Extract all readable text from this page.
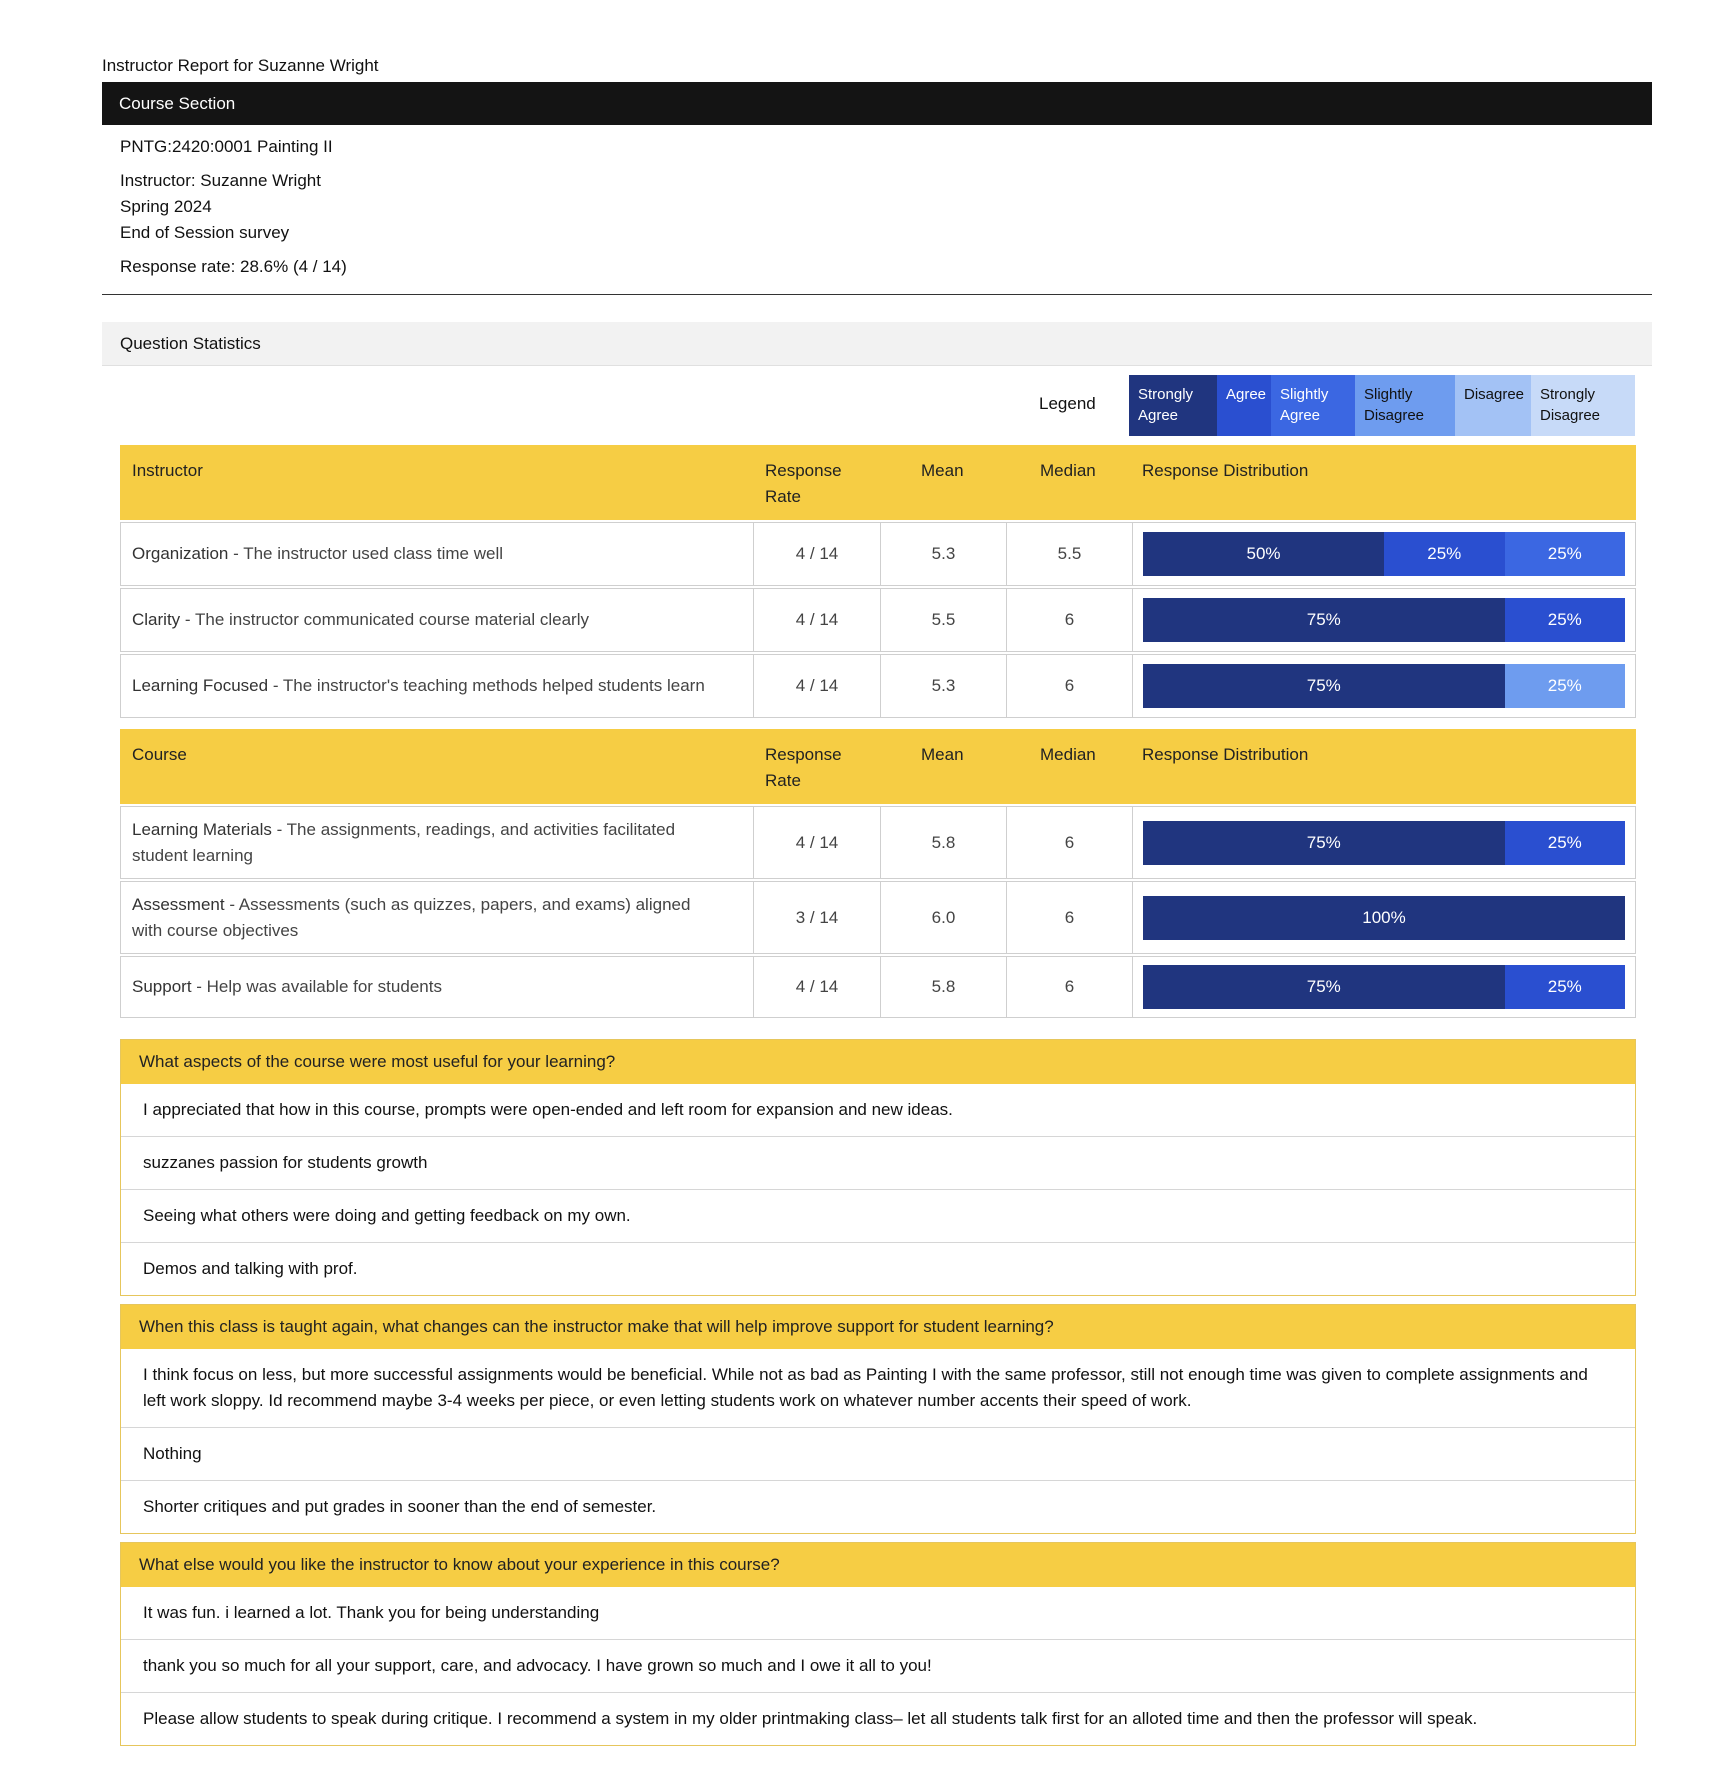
Instructor Report for Suzanne Wright
Course Section
PNTG:2420:0001 Painting II
Instructor: Suzanne Wright
Spring 2024
End of Session survey
Response rate: 28.6% (4 / 14)
Question Statistics
Legend	Strongly
Agree
Agree Slightly
Agree
Slightly
Disagree
Disagree	Strongly
Disagree
Instructor	Response
Rate
Mean	Median	Response Distribution
Organization - The instructor used class time well	4 / 14	5.3	5.5	50%	25%	25%
Clarity - The instructor communicated course material clearly	4 / 14	5.5	6	75%	25%
Learning Focused - The instructor's teaching methods helped students learn	4 / 14	5.3	6	75%	25%
Course	Response
Rate
Mean	Median	Response Distribution
Learning Materials - The assignments, readings, and activities facilitated student learning
4 / 14	5.8	6	75%	25%
Assessment - Assessments (such as quizzes, papers, and exams) aligned with course objectives
3 / 14	6.0	6	100%
Support - Help was available for students	4 / 14	5.8	6	75%	25%
What aspects of the course were most useful for your learning?
I appreciated that how in this course, prompts were open-ended and left room for expansion and new ideas.
suzzanes passion for students growth
Seeing what others were doing and getting feedback on my own.
Demos and talking with prof.
When this class is taught again, what changes can the instructor make that will help improve support for student learning?
I think focus on less, but more successful assignments would be beneficial. While not as bad as Painting I with the same professor, still not enough time was given to complete assignments and left work sloppy. Id recommend maybe 3-4 weeks per piece, or even letting students work on whatever number accents their speed of work.
Nothing
Shorter critiques and put grades in sooner than the end of semester.
What else would you like the instructor to know about your experience in this course?
It was fun. i learned a lot. Thank you for being understanding
thank you so much for all your support, care, and advocacy. I have grown so much and I owe it all to you!
Please allow students to speak during critique. I recommend a system in my older printmaking class– let all students talk first for an alloted time and then the professor will speak.
